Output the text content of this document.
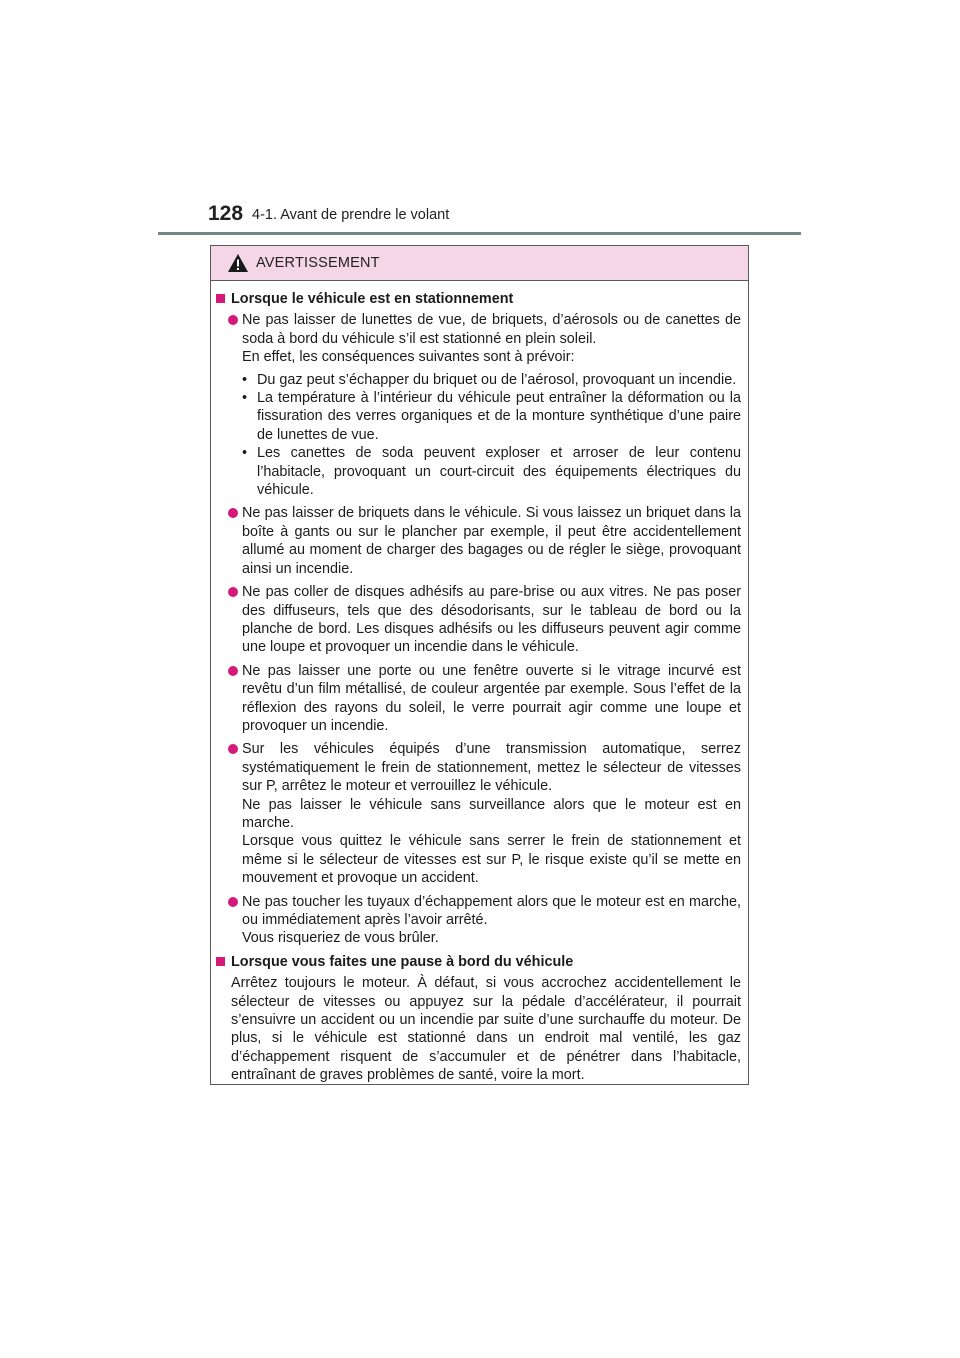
128 4-1. Avant de prendre le volant
AVERTISSEMENT
Lorsque le véhicule est en stationnement

Ne pas laisser de lunettes de vue, de briquets, d’aérosols ou de canettes de soda à bord du véhicule s’il est stationné en plein soleil.

En effet, les conséquences suivantes sont à prévoir:

• Du gaz peut s’échapper du briquet ou de l’aérosol, provoquant un incendie.

• La température à l’intérieur du véhicule peut entraîner la déformation ou la fissuration des verres organiques et de la monture synthétique d’une paire de lunettes de vue.

• Les canettes de soda peuvent exploser et arroser de leur contenu l’habitacle, provoquant un court-circuit des équipements électriques du véhicule.

Ne pas laisser de briquets dans le véhicule. Si vous laissez un briquet dans la boîte à gants ou sur le plancher par exemple, il peut être accidentellement allumé au moment de charger des bagages ou de régler le siège, provoquant ainsi un incendie.

Ne pas coller de disques adhésifs au pare-brise ou aux vitres. Ne pas poser des diffuseurs, tels que des désodorisants, sur le tableau de bord ou la planche de bord. Les disques adhésifs ou les diffuseurs peuvent agir comme une loupe et provoquer un incendie dans le véhicule.

Ne pas laisser une porte ou une fenêtre ouverte si le vitrage incurvé est revêtu d’un film métallisé, de couleur argentée par exemple. Sous l’effet de la réflexion des rayons du soleil, le verre pourrait agir comme une loupe et provoquer un incendie.

Sur les véhicules équipés d’une transmission automatique, serrez systématiquement le frein de stationnement, mettez le sélecteur de vitesses sur P, arrêtez le moteur et verrouillez le véhicule.

Ne pas laisser le véhicule sans surveillance alors que le moteur est en marche.

Lorsque vous quittez le véhicule sans serrer le frein de stationnement et même si le sélecteur de vitesses est sur P, le risque existe qu’il se mette en mouvement et provoque un accident.

Ne pas toucher les tuyaux d’échappement alors que le moteur est en marche, ou immédiatement après l’avoir arrêté.

Vous risqueriez de vous brûler.

Lorsque vous faites une pause à bord du véhicule

Arrêtez toujours le moteur. À défaut, si vous accrochez accidentellement le sélecteur de vitesses ou appuyez sur la pédale d’accélérateur, il pourrait s’ensuivre un accident ou un incendie par suite d’une surchauffe du moteur. De plus, si le véhicule est stationné dans un endroit mal ventilé, les gaz d’échappement risquent de s’accumuler et de pénétrer dans l’habitacle, entraînant de graves problèmes de santé, voire la mort.
